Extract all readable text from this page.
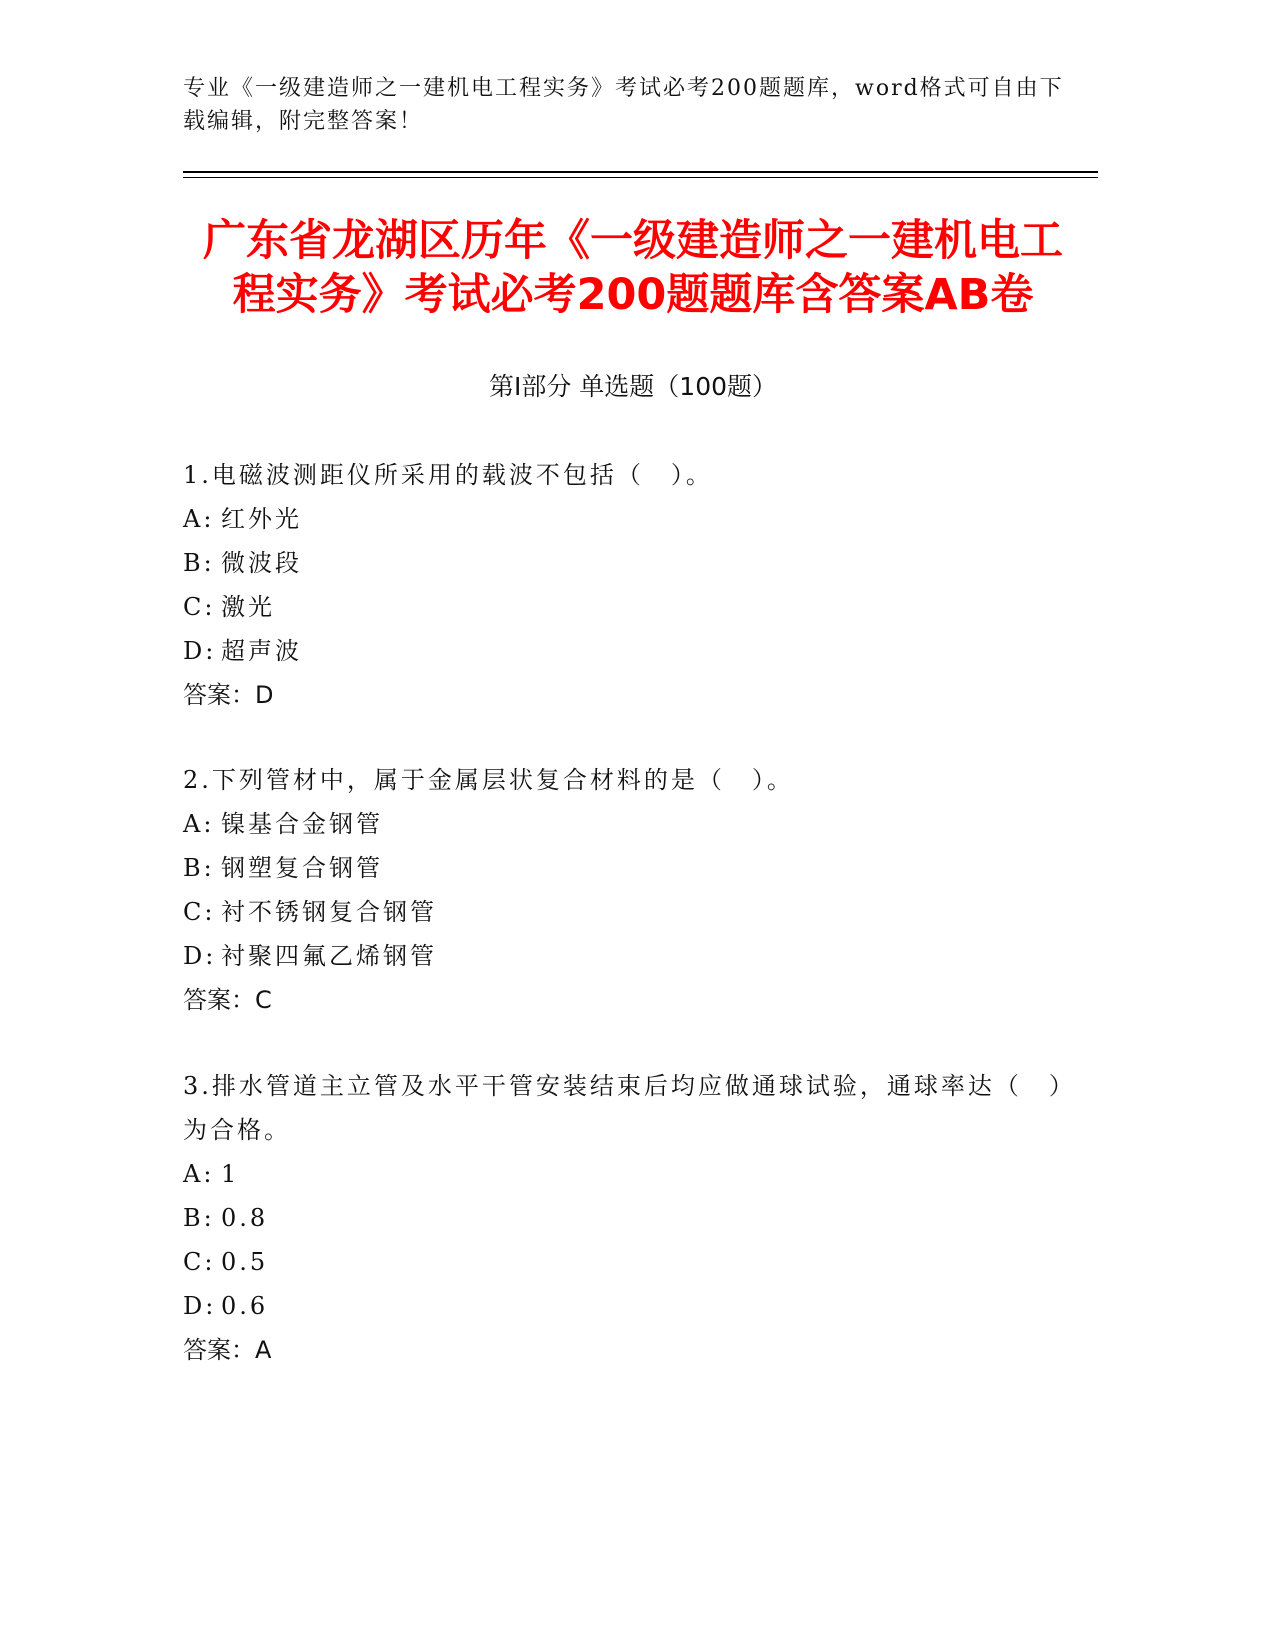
专业《一级建造师之一建机电工程实务》考试必考200题题库，word格式可自由下载编辑，附完整答案！
广东省龙湖区历年《一级建造师之一建机电工程实务》考试必考200题题库含答案AB卷
第Ⅰ部分 单选题（100题）

1.电磁波测距仪所采用的载波不包括（　）。

A: 红外光
B: 微波段
C: 激光
D: 超声波

答案：D

2.下列管材中，属于金属层状复合材料的是（　）。

A: 镍基合金钢管
B: 钢塑复合钢管
C: 衬不锈钢复合钢管
D: 衬聚四氟乙烯钢管

答案：C

3.排水管道主立管及水平干管安装结束后均应做通球试验，通球率达（　）为合格。

A: 1
B: 0.8
C: 0.5
D: 0.6

答案：A
